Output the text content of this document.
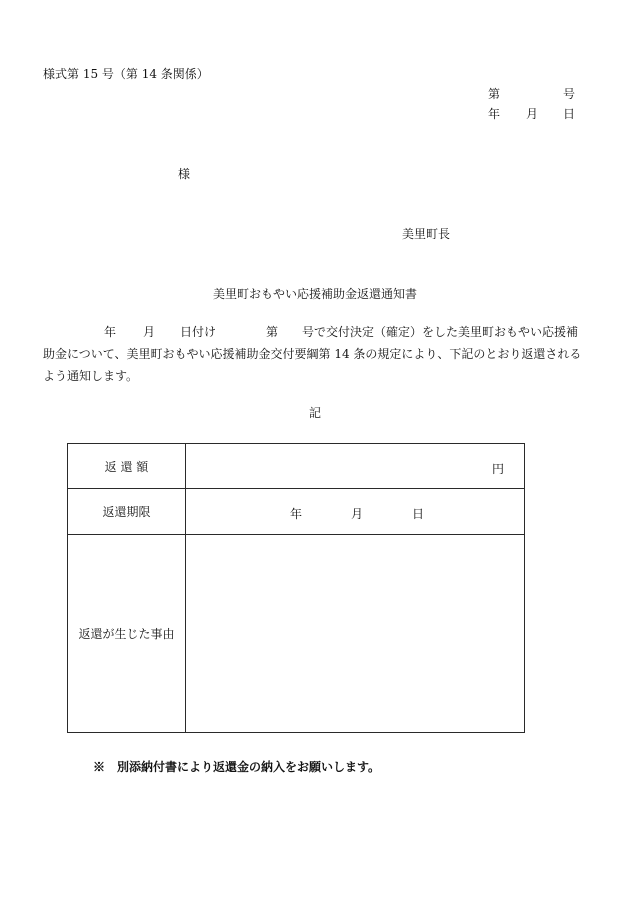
様式第 15 号（第 14 条関係）
第	号
年 月 日
様
美里町長
美里町おもやい応援補助金返還通知書
年 月 日付け	第 号で交付決定（確定）をした美里町おもやい応援補
助金について、美里町おもやい応援補助金交付要綱第 14 条の規定により、下記のとおり返還される
よう通知します。
記
返 還 額	円

返還期限	年 月 日

返還が生じた事由	
※　別添納付書により返還金の納入をお願いします。
